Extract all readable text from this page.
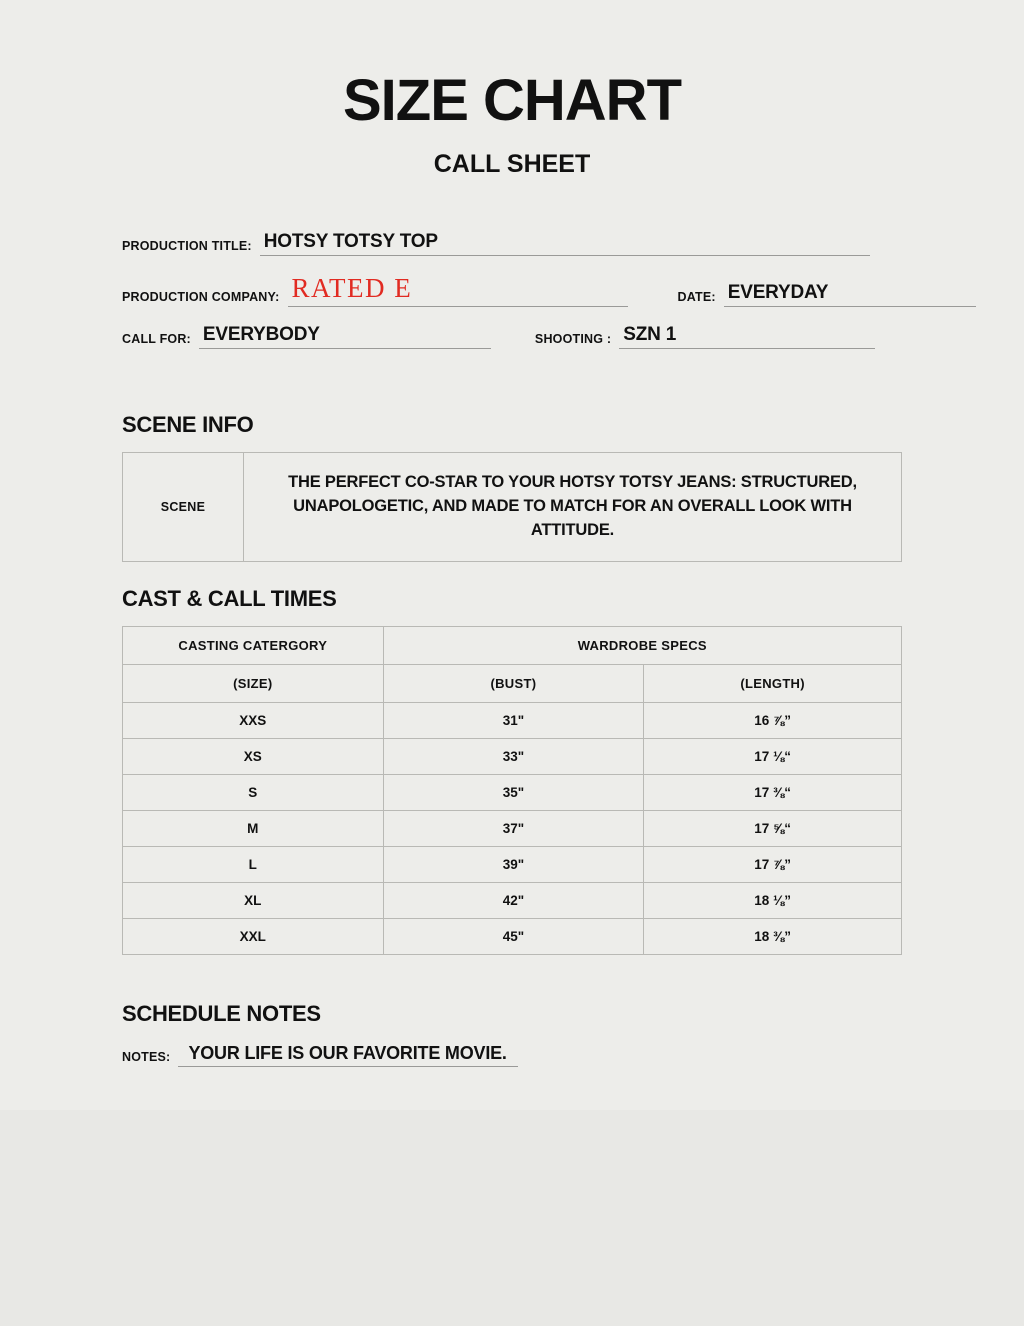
SIZE CHART
CALL SHEET
PRODUCTION TITLE: HOTSY TOTSY TOP
PRODUCTION COMPANY: RATED E	DATE: EVERYDAY
CALL FOR: EVERYBODY	SHOOTING : SZN 1
SCENE INFO
SCENE	THE PERFECT CO-STAR TO YOUR HOTSY TOTSY JEANS: STRUCTURED, UNAPOLOGETIC, AND MADE TO MATCH FOR AN OVERALL LOOK WITH ATTITUDE.
CAST & CALL TIMES
CASTING CATERGORY	WARDROBE SPECS	
(SIZE)	(BUST)	(LENGTH)
XXS	31"	16 ⅞”
XS	33"	17 ⅛“
S	35"	17 ⅜“
M	37"	17 ⅝“
L	39"	17 ⅞”
XL	42"	18 ⅛”
XXL	45"	18 ⅜”
SCHEDULE NOTES
NOTES:	YOUR LIFE IS OUR FAVORITE MOVIE.
